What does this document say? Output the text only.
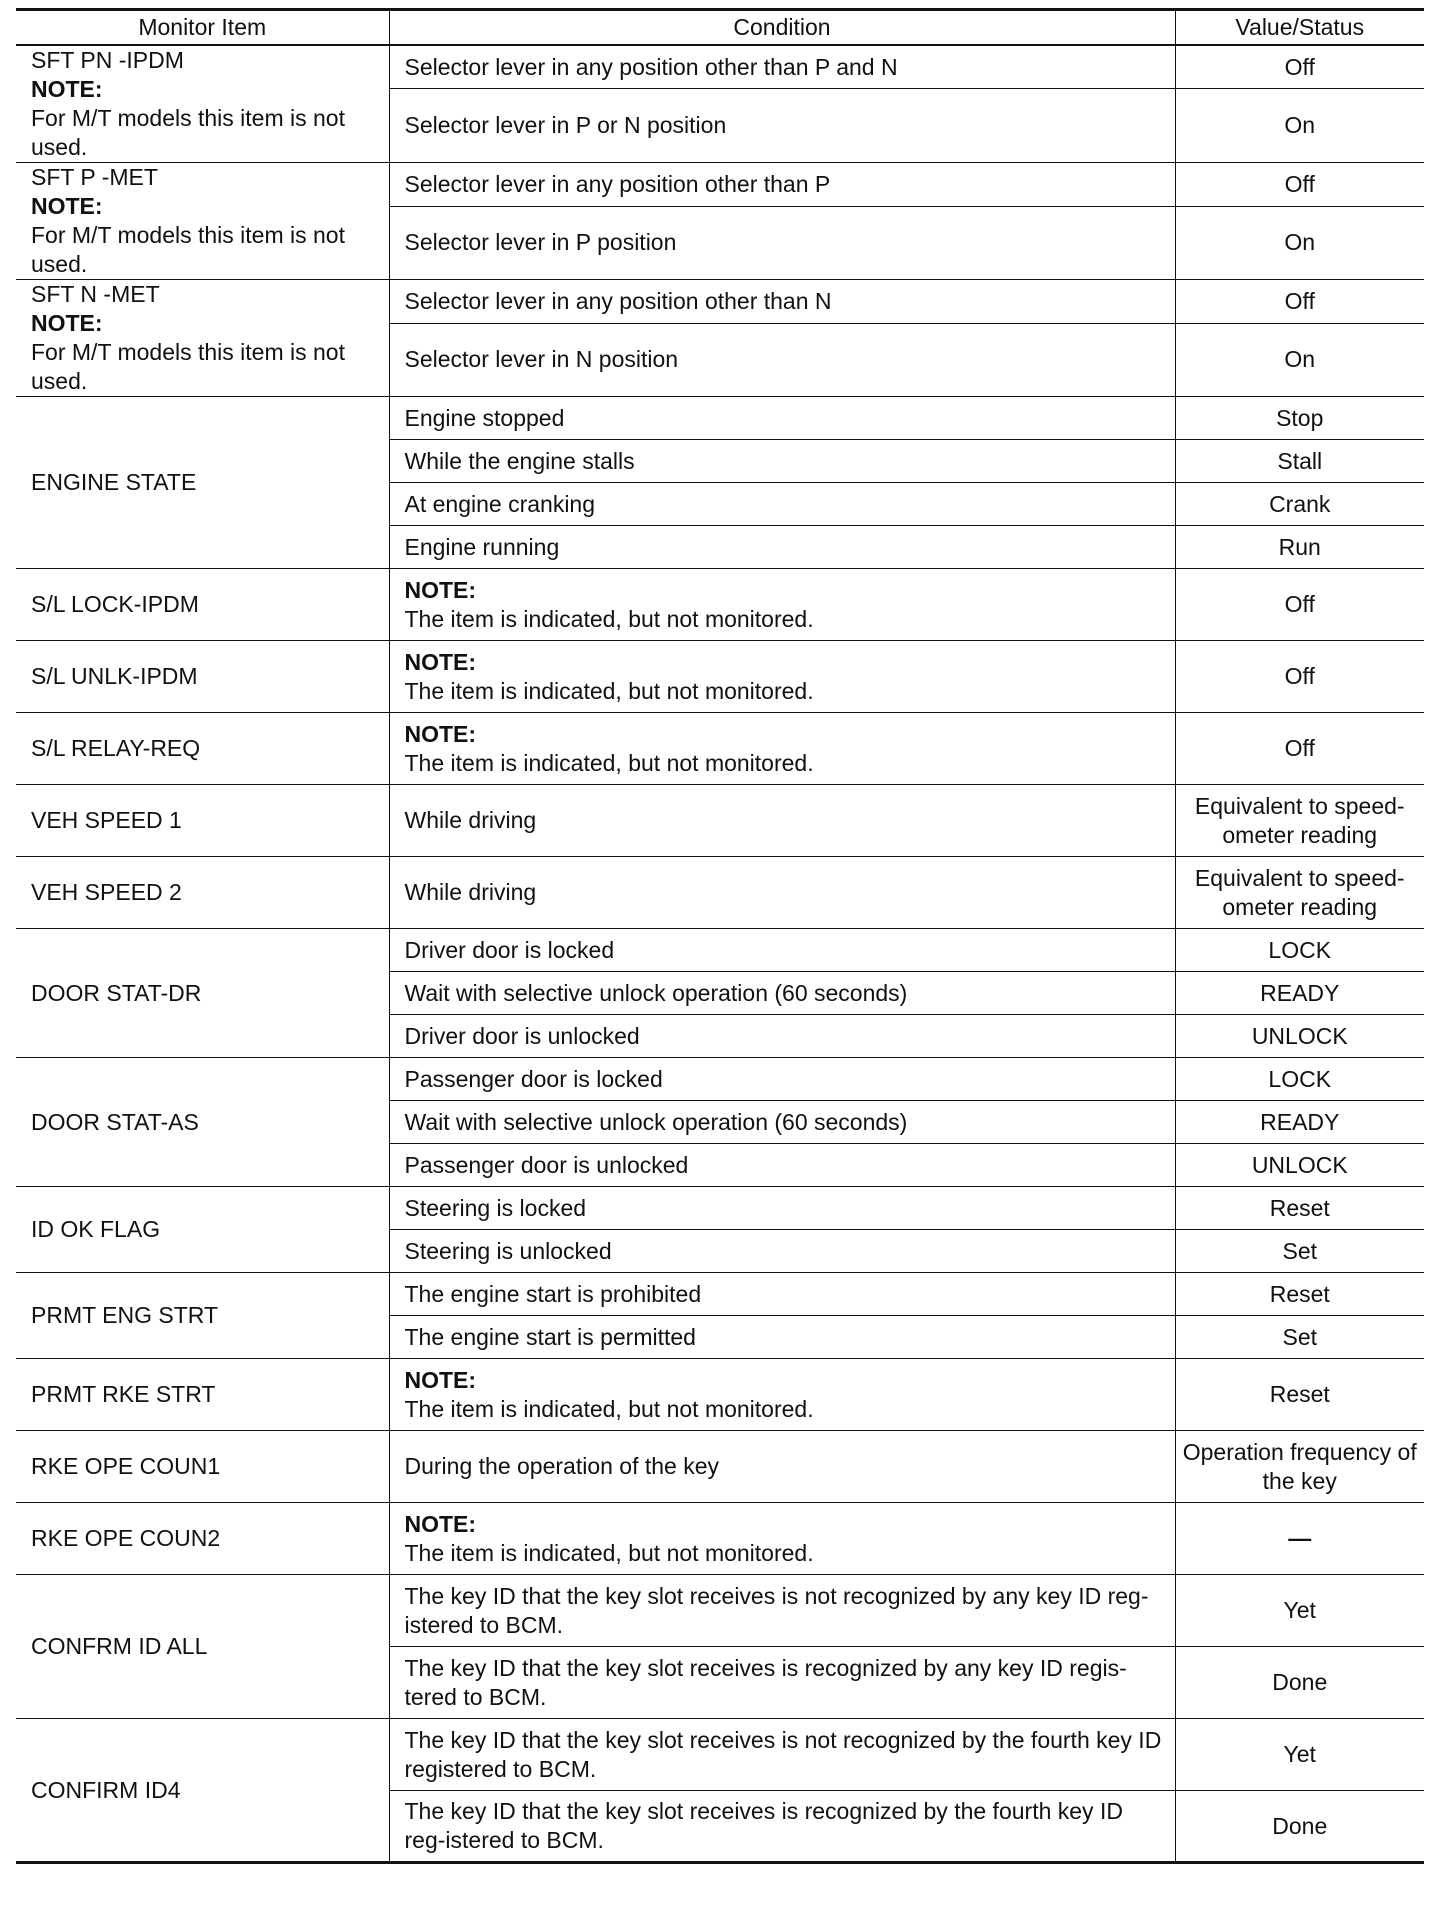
Monitor Item	Condition	Value/Status
SFT PN -IPDM
NOTE:
For M/T models this item is not used.	Selector lever in any position other than P and N	Off
	Selector lever in P or N position	On
SFT P -MET
NOTE:
For M/T models this item is not used.	Selector lever in any position other than P	Off
	Selector lever in P position	On
SFT N -MET
NOTE:
For M/T models this item is not used.	Selector lever in any position other than N	Off
	Selector lever in N position	On
ENGINE STATE	Engine stopped	Stop
	While the engine stalls	Stall
	At engine cranking	Crank
	Engine running	Run
S/L LOCK-IPDM	NOTE:
The item is indicated, but not monitored.	Off
S/L UNLK-IPDM	NOTE:
The item is indicated, but not monitored.	Off
S/L RELAY-REQ	NOTE:
The item is indicated, but not monitored.	Off
VEH SPEED 1	While driving	Equivalent to speed-ometer reading
VEH SPEED 2	While driving	Equivalent to speed-ometer reading
DOOR STAT-DR	Driver door is locked	LOCK
	Wait with selective unlock operation (60 seconds)	READY
	Driver door is unlocked	UNLOCK
DOOR STAT-AS	Passenger door is locked	LOCK
	Wait with selective unlock operation (60 seconds)	READY
	Passenger door is unlocked	UNLOCK
ID OK FLAG	Steering is locked	Reset
	Steering is unlocked	Set
PRMT ENG STRT	The engine start is prohibited	Reset
	The engine start is permitted	Set
PRMT RKE STRT	NOTE:
The item is indicated, but not monitored.	Reset
RKE OPE COUN1	During the operation of the key	Operation frequency of the key
RKE OPE COUN2	NOTE:
The item is indicated, but not monitored.	—
CONFRM ID ALL	The key ID that the key slot receives is not recognized by any key ID reg-istered to BCM.	Yet
	The key ID that the key slot receives is recognized by any key ID regis-tered to BCM.	Done
CONFIRM ID4	The key ID that the key slot receives is not recognized by the fourth key ID registered to BCM.	Yet
	The key ID that the key slot receives is recognized by the fourth key ID reg-istered to BCM.	Done
